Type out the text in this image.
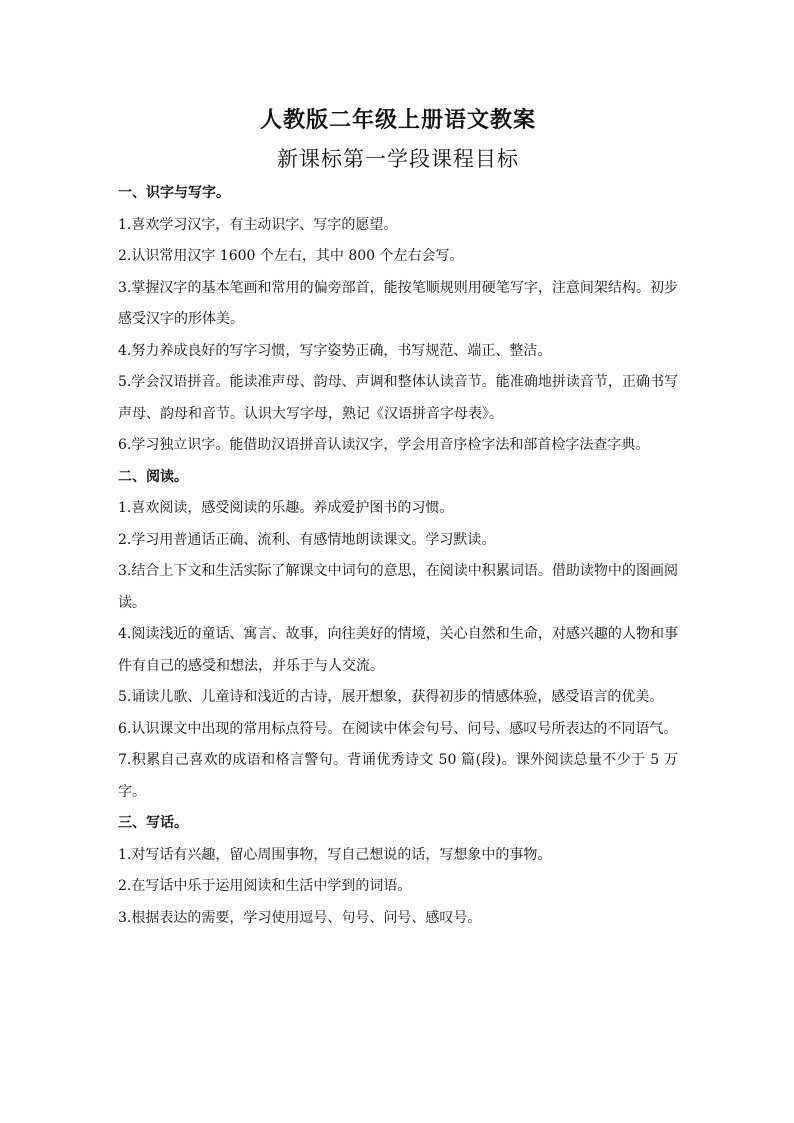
人教版二年级上册语文教案
新课标第一学段课程目标

一、识字与写字。

1.喜欢学习汉字，有主动识字、写字的愿望。

2.认识常用汉字 1600 个左右，其中 800 个左右会写。

3.掌握汉字的基本笔画和常用的偏旁部首，能按笔顺规则用硬笔写字，注意间架结构。初步感受汉字的形体美。

4.努力养成良好的写字习惯，写字姿势正确，书写规范、端正、整洁。

5.学会汉语拼音。能读准声母、韵母、声调和整体认读音节。能准确地拼读音节，正确书写声母、韵母和音节。认识大写字母，熟记《汉语拼音字母表》。

6.学习独立识字。能借助汉语拼音认读汉字，学会用音序检字法和部首检字法查字典。

二、阅读。

1.喜欢阅读，感受阅读的乐趣。养成爱护图书的习惯。

2.学习用普通话正确、流利、有感情地朗读课文。学习默读。

3.结合上下文和生活实际了解课文中词句的意思，在阅读中积累词语。借助读物中的图画阅读。

4.阅读浅近的童话、寓言、故事，向往美好的情境，关心自然和生命，对感兴趣的人物和事件有自己的感受和想法，并乐于与人交流。

5.诵读儿歌、儿童诗和浅近的古诗，展开想象，获得初步的情感体验，感受语言的优美。

6.认识课文中出现的常用标点符号。在阅读中体会句号、问号、感叹号所表达的不同语气。

7.积累自己喜欢的成语和格言警句。背诵优秀诗文 50 篇(段)。课外阅读总量不少于 5 万字。

三、写话。

1.对写话有兴趣，留心周围事物，写自己想说的话，写想象中的事物。

2.在写话中乐于运用阅读和生活中学到的词语。

3.根据表达的需要，学习使用逗号、句号、问号、感叹号。
